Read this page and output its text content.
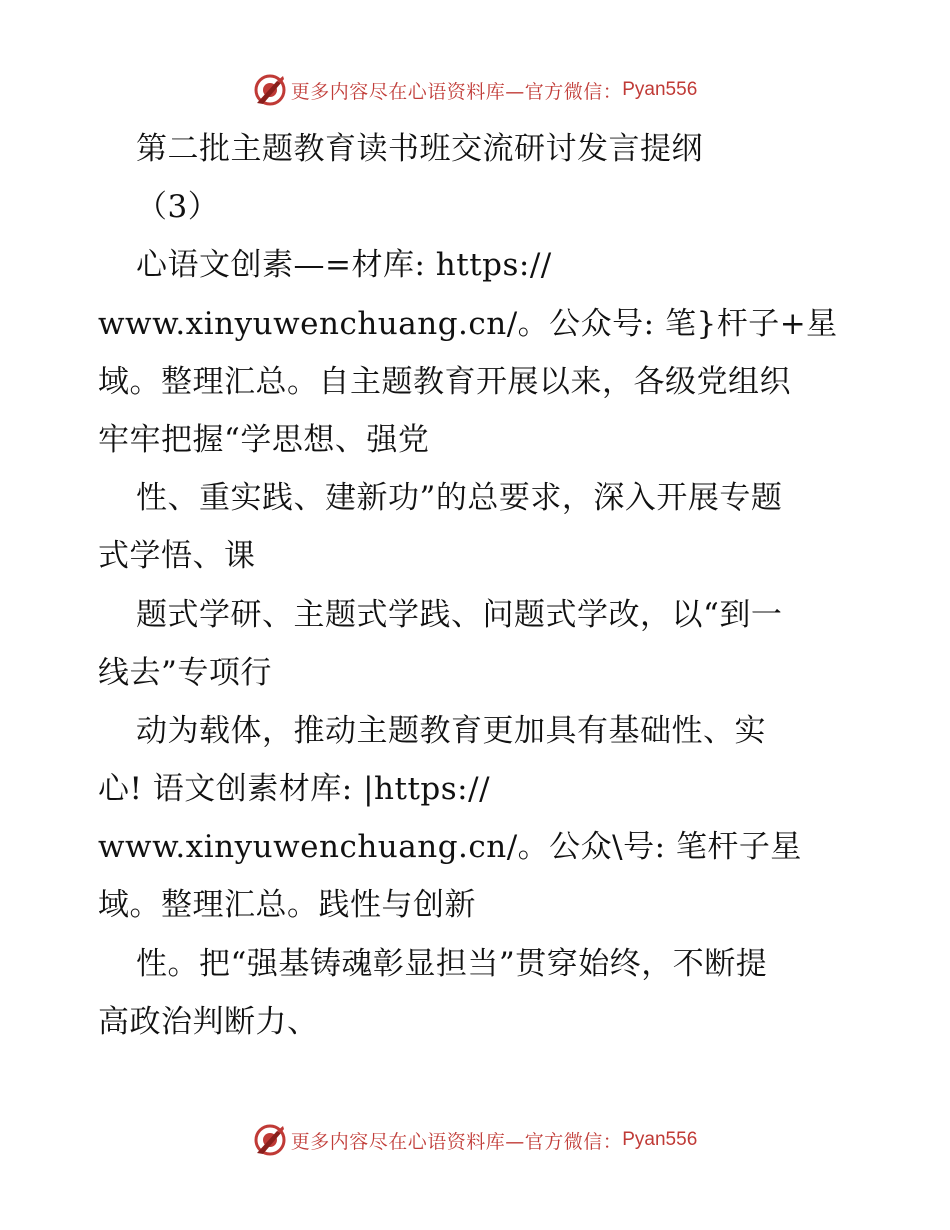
更多内容尽在心语资料库—官方微信： Pyan556
第二批主题教育读书班交流研讨发言提纲
（3）
心语文创素—=材库: https://
www.xinyuwenchuang.cn/。公众号: 笔}杆子+星
域。整理汇总。自主题教育开展以来，各级党组织
牢牢把握“学思想、强党
性、重实践、建新功”的总要求，深入开展专题
式学悟、课
题式学研、主题式学践、问题式学改，以“到一
线去”专项行
动为载体，推动主题教育更加具有基础性、实
心! 语文创素材库: |https://
www.xinyuwenchuang.cn/。公众\号: 笔杆子星
域。整理汇总。践性与创新
性。把“强基铸魂彰显担当”贯穿始终，不断提
高政治判断力、
更多内容尽在心语资料库—官方微信： Pyan556
